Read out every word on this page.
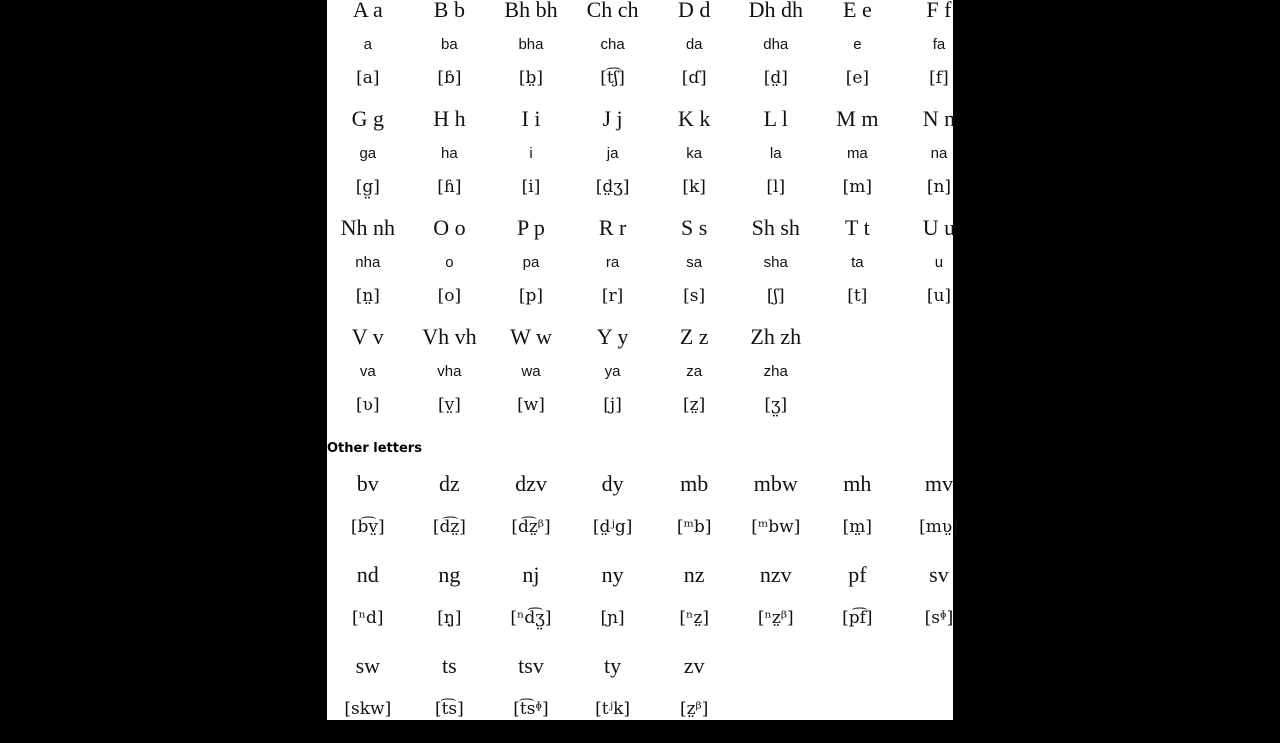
A a
a
[a]
B b
ba
[ɓ]
Bh bh
bha
[b̤]
Ch ch
cha
[t͡ʃ]
D d
da
[ɗ]
Dh dh
dha
[d̤]
E e
e
[e]
F f
fa
[f]
G g
ga
[g̤]
H h
ha
[ɦ]
I i
i
[i]
J j
ja
[d̤ʒ]
K k
ka
[k]
L l
la
[l]
M m
ma
[m]
N n
na
[n]
Nh nh
nha
[n̤]
O o
o
[o]
P p
pa
[p]
R r
ra
[r]
S s
sa
[s]
Sh sh
sha
[ʃ]
T t
ta
[t]
U u
u
[u]
V v
va
[ʋ]
Vh vh
vha
[v̤]
W w
wa
[w]
Y y
ya
[j]
Z z
za
[z̤]
Zh zh
zha
[ʒ̤]
Other letters
bv
[b͡v̤]
dz
[d͡z̤]
dzv
[d͡z̤ᵝ]
dy
[d̤ʲg]
mb
[ᵐb]
mbw
[ᵐbw]
mh
[m̤]
mv
[mʋ̤]
nd
[ⁿd]
ng
[ŋ̤]
nj
[ⁿd͡ʒ̤]
ny
[ɲ]
nz
[ⁿz̤]
nzv
[ⁿz̤ᵝ]
pf
[p͡f]
sv
[sᶲ]
sw
[skw]
ts
[t͡s]
tsv
[t͡sᶲ]
ty
[tʲk]
zv
[z̤ᵝ]
